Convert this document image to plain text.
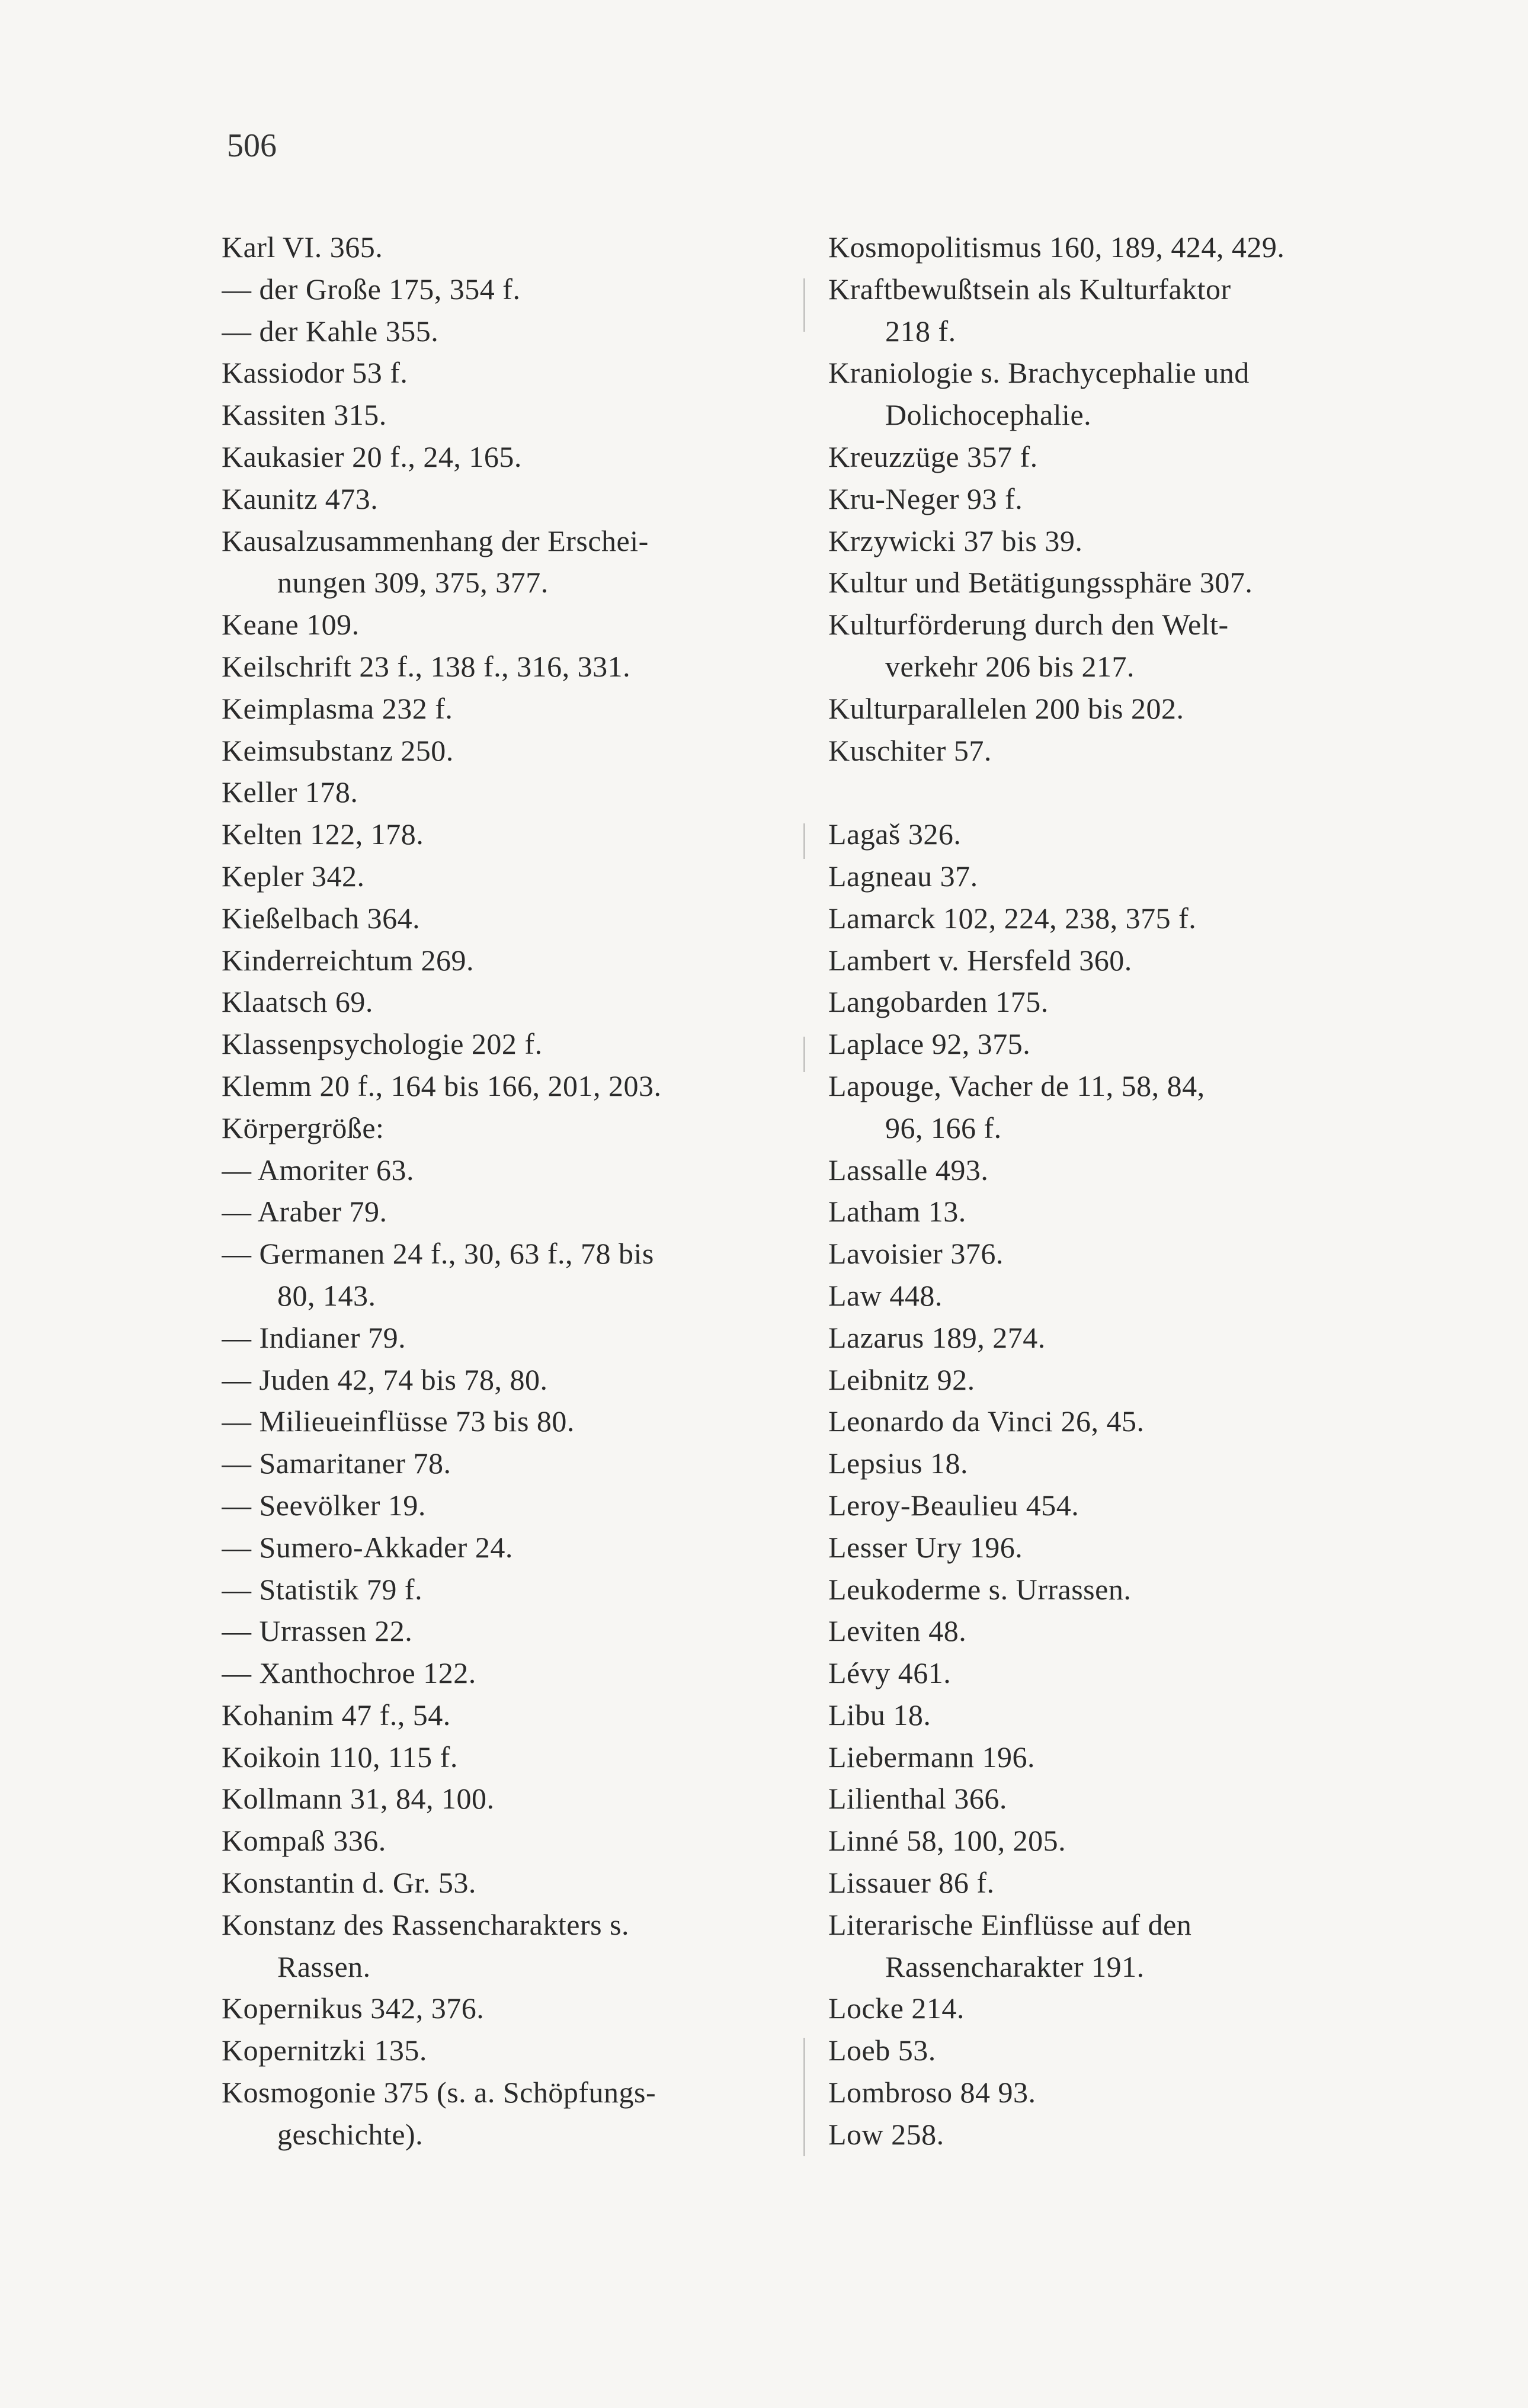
506
Karl VI. 365.
— der Große 175, 354 f.
— der Kahle 355.
Kassiodor 53 f.
Kassiten 315.
Kaukasier 20 f., 24, 165.
Kaunitz 473.
Kausalzusammenhang der Erschei-
nungen 309, 375, 377.
Keane 109.
Keilschrift 23 f., 138 f., 316, 331.
Keimplasma 232 f.
Keimsubstanz 250.
Keller 178.
Kelten 122, 178.
Kepler 342.
Kießelbach 364.
Kinderreichtum 269.
Klaatsch 69.
Klassenpsychologie 202 f.
Klemm 20 f., 164 bis 166, 201, 203.
Körpergröße:
— Amoriter 63.
— Araber 79.
— Germanen 24 f., 30, 63 f., 78 bis
80, 143.
— Indianer 79.
— Juden 42, 74 bis 78, 80.
— Milieueinflüsse 73 bis 80.
— Samaritaner 78.
— Seevölker 19.
— Sumero-Akkader 24.
— Statistik 79 f.
— Urrassen 22.
— Xanthochroe 122.
Kohanim 47 f., 54.
Koikoin 110, 115 f.
Kollmann 31, 84, 100.
Kompaß 336.
Konstantin d. Gr. 53.
Konstanz des Rassencharakters s.
Rassen.
Kopernikus 342, 376.
Kopernitzki 135.
Kosmogonie 375 (s. a. Schöpfungs-
geschichte).
Kosmopolitismus 160, 189, 424, 429.
Kraftbewußtsein als Kulturfaktor
218 f.
Kraniologie s. Brachycephalie und
Dolichocephalie.
Kreuzzüge 357 f.
Kru-Neger 93 f.
Krzywicki 37 bis 39.
Kultur und Betätigungssphäre 307.
Kulturförderung durch den Welt-
verkehr 206 bis 217.
Kulturparallelen 200 bis 202.
Kuschiter 57.
Lagaš 326.
Lagneau 37.
Lamarck 102, 224, 238, 375 f.
Lambert v. Hersfeld 360.
Langobarden 175.
Laplace 92, 375.
Lapouge, Vacher de 11, 58, 84,
96, 166 f.
Lassalle 493.
Latham 13.
Lavoisier 376.
Law 448.
Lazarus 189, 274.
Leibnitz 92.
Leonardo da Vinci 26, 45.
Lepsius 18.
Leroy-Beaulieu 454.
Lesser Ury 196.
Leukoderme s. Urrassen.
Leviten 48.
Lévy 461.
Libu 18.
Liebermann 196.
Lilienthal 366.
Linné 58, 100, 205.
Lissauer 86 f.
Literarische Einflüsse auf den
Rassencharakter 191.
Locke 214.
Loeb 53.
Lombroso 84 93.
Low 258.
